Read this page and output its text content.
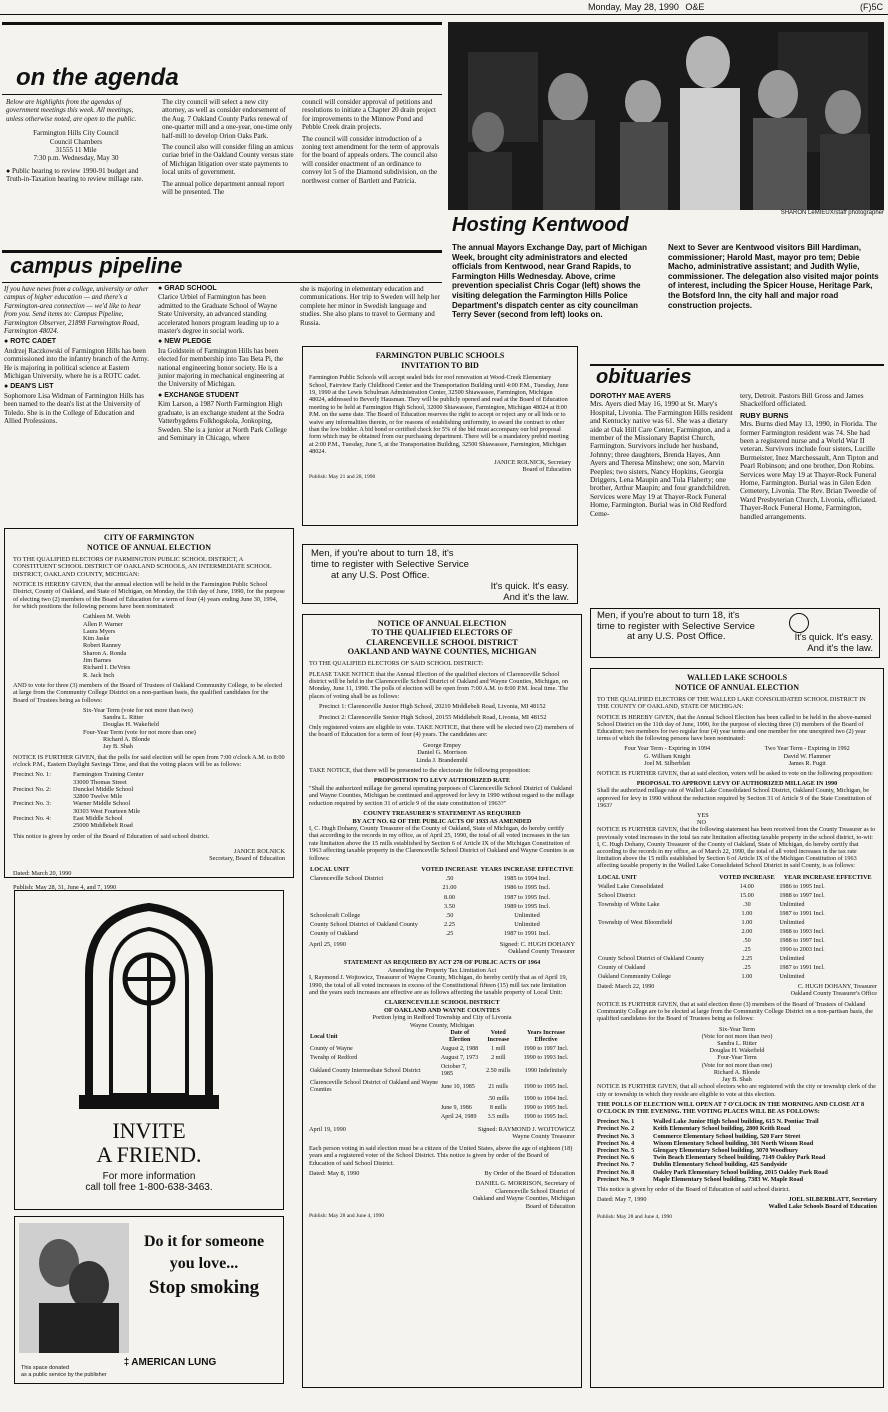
Monday, May 28, 1990 O&E	(F)5C
on the agenda

Below are highlights from the agendas of government meetings this week. All meetings, unless otherwise noted, are open to the public.

Farmington Hills City Council
Council Chambers
31555 11 Mile
7:30 p.m. Wednesday, May 30

● Public hearing to review 1990-91 budget and Truth-in-Taxation hearing to review millage rate.

The city council will select a new city attorney, as well as consider endorsement of the Aug. 7 Oakland County Parks renewal of one-quarter mill and a one-year, one-time only half-mill to develop Orion Oaks Park.

The council also will consider filing an amicus curiae brief in the Oakland County versus state of Michigan litigation over state payments to local units of government.

The annual police department annual report will be presented. The

council will consider approval of petitions and resolutions to initiate a Chapter 20 drain project for improvements to the Minnow Pond and Pebble Creek drain projects.

The council will consider introduction of a zoning text amendment for the term of approvals for the board of appeals orders. The council also will consider enactment of an ordinance to convey lot 5 of the Diamond subdivision, on the northwest corner of Bartlett and Patricia.

SHARON LeMIEUX/staff photographer
Hosting Kentwood
The annual Mayors Exchange Day, part of Michigan Week, brought city administrators and elected officials from Kentwood, near Grand Rapids, to Farmington Hills Wednesday. Above, crime prevention specialist Chris Cogar (left) shows the visiting delegation the Farmington Hills Police Department's dispatch center as city councilman Terry Sever (second from left) looks on.
Next to Sever are Kentwood visitors Bill Hardiman, commissioner; Harold Mast, mayor pro tem; Debie Macho, administrative assistant; and Judith Wylie, commissioner. The delegation also visited major points of interest, including the Spicer House, Heritage Park, the Botsford Inn, the city hall and major road construction projects.
campus pipeline

If you have news from a college, university or other campus of higher education — and there's a Farmington-area connection — we'd like to hear from you. Send items to: Campus Pipeline, Farmington Observer, 21898 Farmington Road, Farmington 48024.

● ROTC CADET

Andrzej Raczkowski of Farmington Hills has been commissioned into the infantry branch of the Army. He is majoring in political science at Eastern Michigan University, where he is a ROTC cadet.

● DEAN'S LIST

Sophomore Lisa Widman of Farmington Hills has been named to the dean's list at the University of Toledo. She is in the College of Education and Allied Professions.

● GRAD SCHOOL

Clarice Urbiel of Farmington has been admitted to the Graduate School of Wayne State University, an advanced standing accelerated honors program leading up to a master's degree in social work.

● NEW PLEDGE

Ira Goldstein of Farmington Hills has been elected for membership into Tau Beta Pi, the national engineering honor society. He is a junior majoring in mechanical engineering at the University of Michigan.

● EXCHANGE STUDENT

Kim Larson, a 1987 North Farmington High graduate, is an exchange student at the Sodra Vatterbygdens Folkhogskola, Jonkoping, Sweden. She is a junior at North Park College and Seminary in Chicago, where

she is majoring in elementary education and communications. Her trip to Sweden will help her complete her minor in Swedish language and studies. She also plans to travel to Germany and Russia.

FARMINGTON PUBLIC SCHOOLS
INVITATION TO BID
Farmington Public Schools will accept sealed bids for roof renovation at Wood-Creek Elementary School, Fairview Early Childhood Center and the Transportation Building until 4:00 P.M., Tuesday, June 19, 1990 at the Lewis Schulman Administration Center, 32500 Shiawassee, Farmington, Michigan 48024, addressed to Beverly Hausman. They will be publicly opened and read at the Board of Education meeting to be held at Farmington High School, 32000 Shiawassee, Farmington, Michigan 48024 at 8:00 P.M. on the same date. The Board of Education reserves the right to accept or reject any or all bids or to waive any informalities therein, or for reasons of establishing uniformity, to award the contract to other than the low bidder. A bid bond or certified check for 5% of the bid must accompany our bid proposal form which may be obtained from our purchasing department. There will be a mandatory prebid meeting at 2:00 P.M., Tuesday, June 5, at the Transportation Building, 32500 Shiawassee, Farmington, Michigan 48024.
JANICE ROLNICK, Secretary
Board of Education
Publish: May 21 and 28, 1990
obituaries
DOROTHY MAE AYERS

Mrs. Ayers died May 16, 1990 at St. Mary's Hospital, Livonia. The Farmington Hills resident and Kentucky native was 61. She was a dietary aide at Oak Hill Care Center, Farmington, and a member of the Missionary Baptist Church, Farmington. Survivors include her husband, Johnny; three daughters, Brenda Hayes, Ann Ayers and Theresa Minshew; one son, Marvin Peeples; two sisters, Nancy Hopkins, Georgia Driggers, Lena Maupin and Tula Flaherty; one brother, Arthur Maupin; and four grandchildren. Services were May 19 at Thayer-Rock Funeral Home, Farmington. Burial was in Old Redford Ceme-

tery, Detroit. Pastors Bill Gross and James Shackelford officiated.

RUBY BURNS

Mrs. Burns died May 13, 1990, in Florida. The former Farmington resident was 74. She had been a registered nurse and a World War II veteran. Survivors include four sisters, Lucille Burmeister, Inez Marchessault, Ann Tipton and Pearl Robinson; and one brother, Don Robins. Services were May 19 at Thayer-Rock Funeral Home, Farmington. Burial was in Glen Eden Cemetery, Livonia. The Rev. Brian Tweedie of Ward Presbyterian Church, Livonia, officiated. Thayer-Rock Funeral Home, Farmington, handled arrangements.

Men, if you're about to turn 18, it's
time to register with Selective Service
at any U.S. Post Office.
It's quick. It's easy.
And it's the law.
Men, if you're about to turn 18, it's
time to register with Selective Service
at any U.S. Post Office.	It's quick. It's easy.
And it's the law.
CITY OF FARMINGTON
NOTICE OF ANNUAL ELECTION

TO THE QUALIFIED ELECTORS OF FARMINGTON PUBLIC SCHOOL DISTRICT, A CONSTITUENT SCHOOL DISTRICT OF OAKLAND SCHOOLS, AN INTERMEDIATE SCHOOL DISTRICT, OAKLAND COUNTY, MICHIGAN:

NOTICE IS HEREBY GIVEN, that the annual election will be held in the Farmington Public School District, County of Oakland, and State of Michigan, on Monday, the 11th day of June, 1990, for the purpose of electing two (2) members of the Board of Education for a term of four (4) years ending June 30, 1994, for which positions the following persons have been nominated:

Cathleen M. Webb
Allen P. Warner
Laura Myers
Kim Jaske
Robert Ranney
Sharon A. Ronda
Jim Barnes
Richard I. DeVries
R. Jack Inch

AND to vote for three (3) members of the Board of Trustees of Oakland Community College, to be elected at large from the Community College District on a non-partisan basis, the qualified candidates for the Board of Trustees being as follows:

Six-Year Term (vote for not more than two)
Sandra L. Ritter
Douglas H. Wakefield
Four-Year Term (vote for not more than one)
Richard A. Blonde
Jay B. Shah

NOTICE IS FURTHER GIVEN, that the polls for said election will be open from 7:00 o'clock A.M. to 8:00 o'clock P.M., Eastern Daylight Savings Time, and that the voting places will be as follows:

Precinct No. 1:	Farmington Training Center
33000 Thomas Street
Precinct No. 2:	Dunckel Middle School
32800 Twelve Mile
Precinct No. 3:	Warner Middle School
30303 West Fourteen Mile
Precinct No. 4:	East Middle School
25000 Middlebelt Road

This notice is given by order of the Board of Education of said school district.

JANICE ROLNICK
Secretary, Board of Education
Dated: March 20, 1990
Publish: May 28, 31, June 4, and 7, 1990
INVITE
A FRIEND.
For more information
call toll free 1-800-638-3463.
Do it for someone
you love...
Stop smoking
‡ AMERICAN LUNG
This space donated
as a public service by the publisher
NOTICE OF ANNUAL ELECTION
TO THE QUALIFIED ELECTORS OF
CLARENCEVILLE SCHOOL DISTRICT
OAKLAND AND WAYNE COUNTIES, MICHIGAN

TO THE QUALIFIED ELECTORS OF SAID SCHOOL DISTRICT:

PLEASE TAKE NOTICE that the Annual Election of the qualified electors of Clarenceville School district will be held in the Clarenceville School District of Oakland and Wayne Counties, Michigan, on Monday, June 11, 1990. The polls of election will be open from 7:00 A.M. to 8:00 P.M. local time. The places of voting shall be as follows:

Precinct 1: Clarenceville Junior High School, 20210 Middlebelt Road, Livonia, MI 48152

Precinct 2: Clarenceville Senior High School, 20155 Middlebelt Road, Livonia, MI 48152

Only registered voters are eligible to vote. TAKE NOTICE, that there will be elected two (2) members of the board of Education for a term of four (4) years. The candidates are:

George Empey
Daniel G. Morrison
Linda J. Brandemihl

TAKE NOTICE, that there will be presented to the electorate the following proposition:

PROPOSITION TO LEVY AUTHORIZED RATE

"Shall the authorized millage for general operating purposes of Clarenceville School District of Oakland and Wayne Counties, Michigan be continued and approved for levy in 1990 without regard to the millage reduction required by section 31 of article 9 of the state constitution of 1963?"

COUNTY TREASURER'S STATEMENT AS REQUIRED
BY ACT NO. 62 OF THE PUBLIC ACTS OF 1933 AS AMENDED

I, C. Hugh Dohany, County Treasurer of the County of Oakland, State of Michigan, do hereby certify that according to the records in my office, as of April 25, 1990, the total of all voted increases in the tax rate limitation above the 15 mills established by Section 6 of Article IX of the Michigan Constitution of 1963 affecting taxable property in the Clarenceville School District of Oakland and Wayne Counties is as follows:

LOCAL UNIT	VOTED INCREASE	YEARS INCREASE EFFECTIVE
Clarenceville School District	.50	1985 to 1994 Incl.
	21.00	1986 to 1995 Incl.
	8.00	1987 to 1995 Incl.
	3.50	1989 to 1995 Incl.
Schoolcraft College	.50	Unlimited
County School District of Oakland County	2.25	Unlimited
County of Oakland	.25	1987 to 1991 Incl.
April 25, 1990	Signed: C. HUGH DOHANY
Oakland County Treasurer
STATEMENT AS REQUIRED BY ACT 278 OF PUBLIC ACTS OF 1964
Amending the Property Tax Limitation Act

I, Raymond J. Wojtowicz, Treasurer of Wayne County, Michigan, do hereby certify that as of April 19, 1990, the total of all voted increases in excess of the Constitutional fifteen (15) mill tax rate limitation and the years such increases are effective are as follows affecting the taxable property of Local Unit:

CLARENCEVILLE SCHOOL DISTRICT
OF OAKLAND AND WAYNE COUNTIES
Portion lying in Redford Township and City of Livonia
Wayne County, Michigan
Local Unit	Date of Election	Voted Increase	Years Increase Effective
County of Wayne	August 2, 1988	1 mill	1990 to 1997 Incl.
Twnshp of Redford	August 7, 1973	2 mill	1990 to 1993 Incl.
Oakland County Intermediate School District	October 7, 1985	2.50 mills	1990 Indefinitely
Clarenceville School District of Oakland and Wayne Counties	June 10, 1985	21 mills	1990 to 1995 Incl.
		.50 mills	1990 to 1994 Incl.
	June 9, 1986	8 mills	1990 to 1995 Incl.
	April 24, 1989	3.5 mills	1990 to 1995 Incl.
April 19, 1990	Signed: RAYMOND J. WOJTOWICZ
Wayne County Treasurer

Each person voting in said election must be a citizen of the United States, above the age of eighteen (18) years and a registered voter of the School District. This notice is given by order of the Board of Education of said School District.

Dated: May 8, 1990	By Order of the Board of Education
DANIEL G. MORRISON, Secretary of
Clarenceville School District of
Oakland and Wayne Counties, Michigan
Board of Education
Publish: May 28 and June 4, 1990
WALLED LAKE SCHOOLS
NOTICE OF ANNUAL ELECTION

TO THE QUALIFIED ELECTORS OF THE WALLED LAKE CONSOLIDATED SCHOOL DISTRICT IN THE COUNTY OF OAKLAND, STATE OF MICHIGAN:

NOTICE IS HEREBY GIVEN, that the Annual School Election has been called to be held in the above-named School District on the 11th day of June, 1990, for the purpose of electing three (3) members of the Board of Education; two members for two regular four (4) year terms and one member for one unexpired two (2) year terms of which the following persons have been nominated:

Four Year Term - Expiring in 1994
G. William Knight
Joel M. Silberblatt
Two Year Term - Expiring in 1992
David W. Flammer
James R. Fugit

NOTICE IS FURTHER GIVEN, that at said election, voters will be asked to vote on the following proposition:

PROPOSAL TO APPROVE LEVY OF AUTHORIZED MILLAGE IN 1990

Shall the authorized millage rate of Walled Lake Consolidated School District, Oakland County, Michigan, be approved for levy in 1990 without the reduction required by Section 31 of Article 9 of the State Constitution of 1963?

YES
NO

NOTICE IS FURTHER GIVEN, that the following statement has been received from the County Treasurer as to previously voted increases in the total tax rate limitation affecting taxable property in the school district, to-wit: I, C. Hugh Dohany, County Treasurer of the County of Oakland, State of Michigan, do hereby certify that according to the records in my office, as of March 22, 1990, the total of all voted increases in the tax rate limitation above the 15 mills established by Section 6 of Article IX of the Michigan Constitution of 1963 affecting taxable property in the Walled Lake Consolidated School District in said County, is as follows:

LOCAL UNIT	VOTED INCREASE	YEAR INCREASE EFFECTIVE
Walled Lake Consolidated	14.00	1986 to 1995 Incl.
School District	15.00	1988 to 1997 Incl.
Township of White Lake	.30	Unlimited
	1.00	1987 to 1991 Incl.
Township of West Bloomfield	1.00	Unlimited
	2.00	1988 to 1993 Incl.
	.50	1988 to 1997 Incl.
	.25	1990 to 2003 Incl.
County School District of Oakland County	2.25	Unlimited
County of Oakland	.25	1987 to 1991 Incl.
Oakland Community College	1.00	Unlimited
Dated: March 22, 1990	C. HUGH DOHANY, Treasurer
Oakland County Treasurer's Office

NOTICE IS FURTHER GIVEN, that at said election three (3) members of the Board of Trustees of Oakland Community College are to be elected at large from the Community College District on a non-partisan basis, the qualified candidates for the Board of Trustees being as follows:

Six-Year Term
(Vote for not more than two)
Sandra L. Ritter
Douglas H. Wakefield
Four-Year Term
(Vote for not more than one)
Richard A. Blonde
Jay B. Shah

NOTICE IS FURTHER GIVEN, that all school electors who are registered with the city or township clerk of the city or township in which they reside are eligible to vote at this election.

THE POLLS OF ELECTION WILL OPEN AT 7 O'CLOCK IN THE MORNING AND CLOSE AT 8 O'CLOCK IN THE EVENING. THE VOTING PLACES WILL BE AS FOLLOWS:

Precinct No. 1	Walled Lake Junior High School building, 615 N. Pontiac Trail
Precinct No. 2	Keith Elementary School building, 2800 Keith Road
Precinct No. 3	Commerce Elementary School building, 520 Farr Street
Precinct No. 4	Wixom Elementary School building, 301 North Wixom Road
Precinct No. 5	Glengary Elementary School building, 3070 Woodbury
Precinct No. 6	Twin Beach Elementary School building, 7149 Oakley Park Road
Precinct No. 7	Dublin Elementary School building, 425 Sandyside
Precinct No. 8	Oakley Park Elementary School building, 2015 Oakley Park Road
Precinct No. 9	Maple Elementary School building, 7383 W. Maple Road

This notice is given by order of the Board of Education of said school district.

Dated: May 7, 1990	JOEL SILBERBLATT, Secretary
Walled Lake Schools Board of Education
Publish: May 28 and June 4, 1990
